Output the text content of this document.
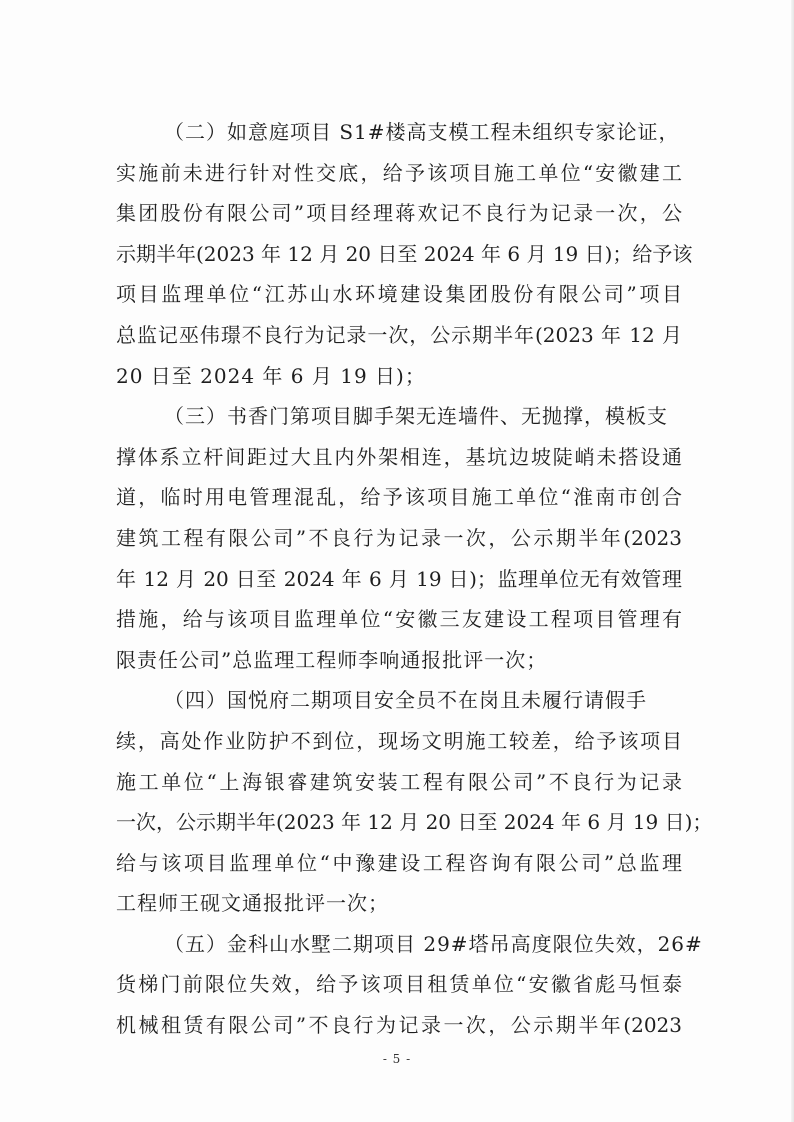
（二）如意庭项目 S1#楼高支模工程未组织专家论证，
实施前未进行针对性交底，给予该项目施工单位“安徽建工
集团股份有限公司”项目经理蒋欢记不良行为记录一次，公
示期半年(2023 年 12 月 20 日至 2024 年 6 月 19 日)；给予该
项目监理单位“江苏山水环境建设集团股份有限公司”项目
总监记巫伟璟不良行为记录一次，公示期半年(2023 年 12 月
20 日至 2024 年 6 月 19 日)；
（三）书香门第项目脚手架无连墙件、无抛撑，模板支
撑体系立杆间距过大且内外架相连，基坑边坡陡峭未搭设通
道，临时用电管理混乱，给予该项目施工单位“淮南市创合
建筑工程有限公司”不良行为记录一次，公示期半年(2023
年 12 月 20 日至 2024 年 6 月 19 日)；监理单位无有效管理
措施，给与该项目监理单位“安徽三友建设工程项目管理有
限责任公司”总监理工程师李响通报批评一次；
（四）国悦府二期项目安全员不在岗且未履行请假手
续，高处作业防护不到位，现场文明施工较差，给予该项目
施工单位“上海银睿建筑安装工程有限公司”不良行为记录
一次，公示期半年(2023 年 12 月 20 日至 2024 年 6 月 19 日)；
给与该项目监理单位“中豫建设工程咨询有限公司”总监理
工程师王砚文通报批评一次；
（五）金科山水墅二期项目 29#塔吊高度限位失效，26#
货梯门前限位失效，给予该项目租赁单位“安徽省彪马恒泰
机械租赁有限公司”不良行为记录一次，公示期半年(2023
- 5 -
